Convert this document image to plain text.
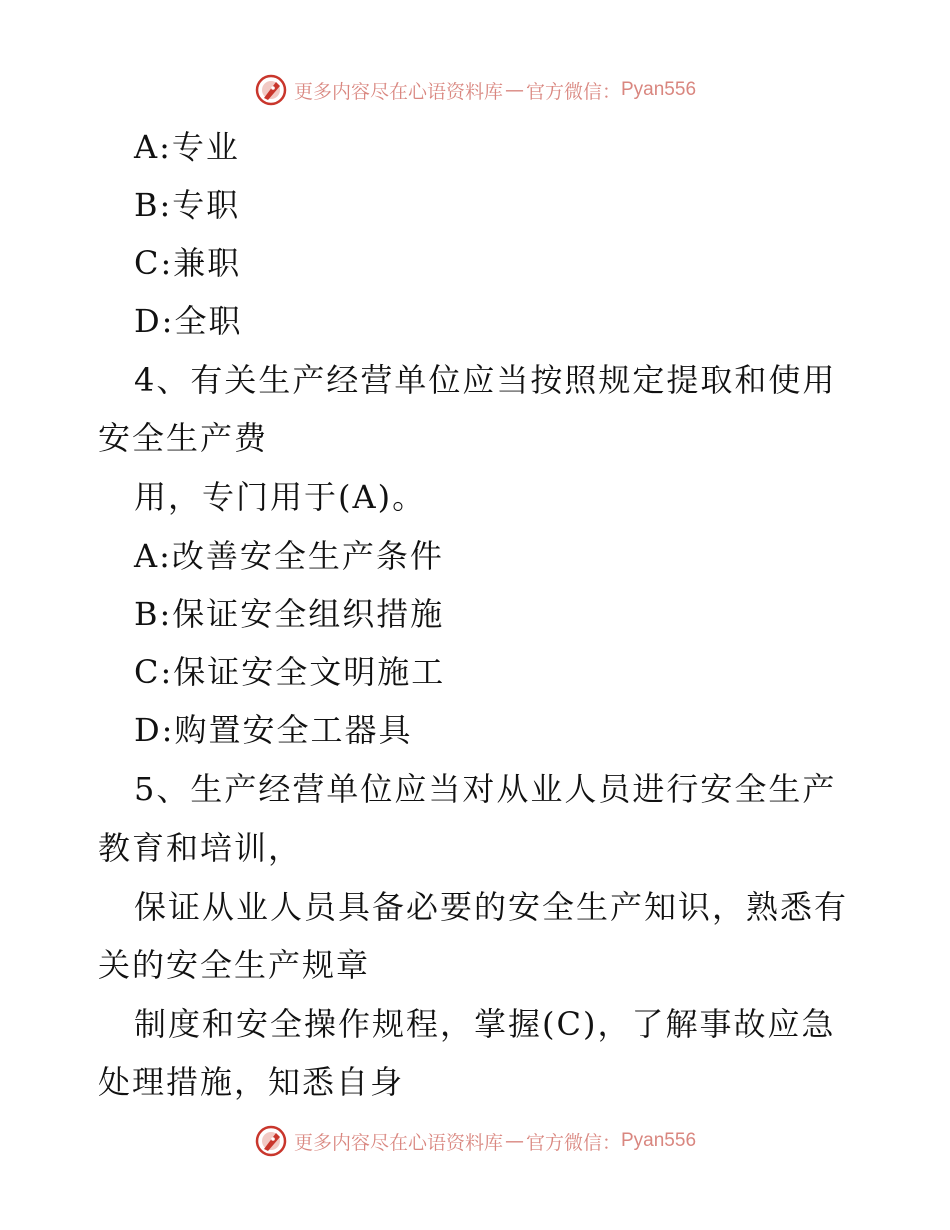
更多内容尽在心语资料库 — 官方微信： Pyan556
A:专业
B:专职
C:兼职
D:全职
4、有关生产经营单位应当按照规定提取和使用
安全生产费
用，专门用于(A)。
A:改善安全生产条件
B:保证安全组织措施
C:保证安全文明施工
D:购置安全工器具
5、生产经营单位应当对从业人员进行安全生产
教育和培训，
保证从业人员具备必要的安全生产知识，熟悉有
关的安全生产规章
制度和安全操作规程，掌握(C)，了解事故应急
处理措施，知悉自身
更多内容尽在心语资料库 — 官方微信： Pyan556
